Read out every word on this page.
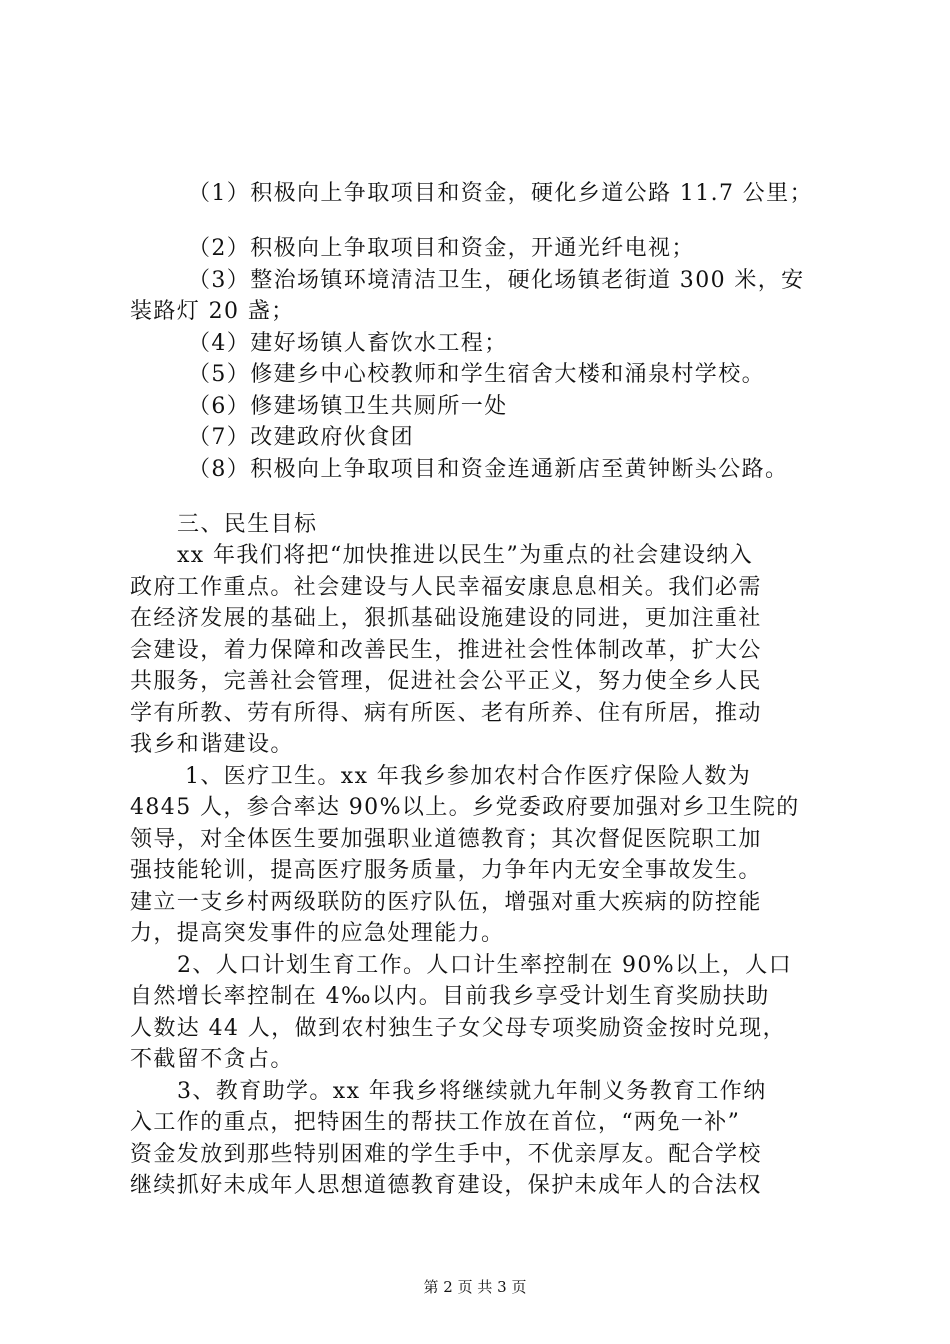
（1）积极向上争取项目和资金，硬化乡道公路 11.7 公里；
（2）积极向上争取项目和资金，开通光纤电视；
（3）整治场镇环境清洁卫生，硬化场镇老街道 300 米，安
装路灯 20 盏；
（4）建好场镇人畜饮水工程；
（5）修建乡中心校教师和学生宿舍大楼和涌泉村学校。
（6）修建场镇卫生共厕所一处
（7）改建政府伙食团
（8）积极向上争取项目和资金连通新店至黄钟断头公路。
三、民生目标
xx 年我们将把“加快推进以民生”为重点的社会建设纳入
政府工作重点。社会建设与人民幸福安康息息相关。我们必需
在经济发展的基础上，狠抓基础设施建设的同进，更加注重社
会建设，着力保障和改善民生，推进社会性体制改革，扩大公
共服务，完善社会管理，促进社会公平正义，努力使全乡人民
学有所教、劳有所得、病有所医、老有所养、住有所居，推动
我乡和谐建设。
1、医疗卫生。xx 年我乡参加农村合作医疗保险人数为
4845 人，参合率达 90%以上。乡党委政府要加强对乡卫生院的
领导，对全体医生要加强职业道德教育；其次督促医院职工加
强技能轮训，提高医疗服务质量，力争年内无安全事故发生。
建立一支乡村两级联防的医疗队伍，增强对重大疾病的防控能
力，提高突发事件的应急处理能力。
2、人口计划生育工作。人口计生率控制在 90%以上，人口
自然增长率控制在 4‰以内。目前我乡享受计划生育奖励扶助
人数达 44 人，做到农村独生子女父母专项奖励资金按时兑现，
不截留不贪占。
3、教育助学。xx 年我乡将继续就九年制义务教育工作纳
入工作的重点，把特困生的帮扶工作放在首位，“两免一补”
资金发放到那些特别困难的学生手中，不优亲厚友。配合学校
继续抓好未成年人思想道德教育建设，保护未成年人的合法权
第 2 页 共 3 页
